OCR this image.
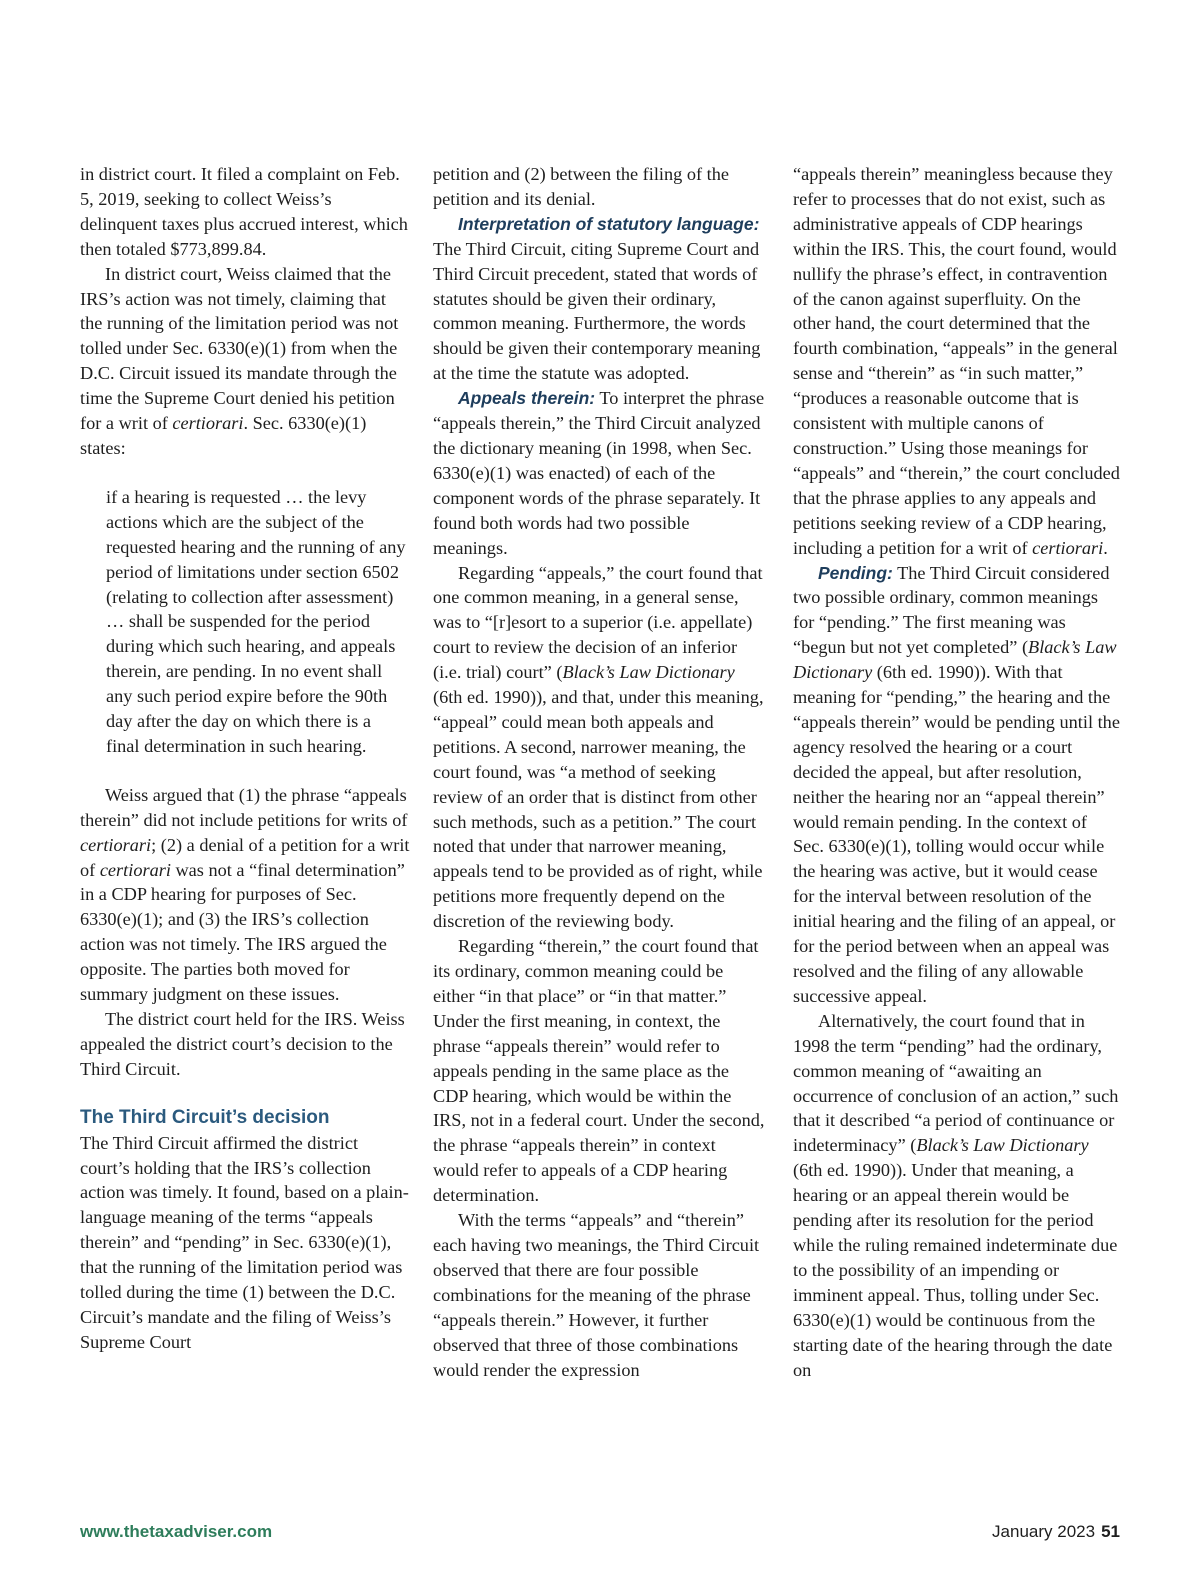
in district court. It filed a complaint on Feb. 5, 2019, seeking to collect Weiss’s delinquent taxes plus accrued interest, which then totaled $773,899.84.

In district court, Weiss claimed that the IRS’s action was not timely, claiming that the running of the limitation period was not tolled under Sec. 6330(e)(1) from when the D.C. Circuit issued its mandate through the time the Supreme Court denied his petition for a writ of certiorari. Sec. 6330(e)(1) states:

if a hearing is requested … the levy actions which are the subject of the requested hearing and the running of any period of limitations under section 6502 (relating to collection after assessment) … shall be suspended for the period during which such hearing, and appeals therein, are pending. In no event shall any such period expire before the 90th day after the day on which there is a final determination in such hearing.

Weiss argued that (1) the phrase “appeals therein” did not include petitions for writs of certiorari; (2) a denial of a petition for a writ of certiorari was not a “final determination” in a CDP hearing for purposes of Sec. 6330(e)(1); and (3) the IRS’s collection action was not timely. The IRS argued the opposite. The parties both moved for summary judgment on these issues.

The district court held for the IRS. Weiss appealed the district court’s decision to the Third Circuit.

The Third Circuit’s decision

The Third Circuit affirmed the district court’s holding that the IRS’s collection action was timely. It found, based on a plain-language meaning of the terms “appeals therein” and “pending” in Sec. 6330(e)(1), that the running of the limitation period was tolled during the time (1) between the D.C. Circuit’s mandate and the filing of Weiss’s Supreme Court

petition and (2) between the filing of the petition and its denial.

Interpretation of statutory language: The Third Circuit, citing Supreme Court and Third Circuit precedent, stated that words of statutes should be given their ordinary, common meaning. Furthermore, the words should be given their contemporary meaning at the time the statute was adopted.

Appeals therein: To interpret the phrase “appeals therein,” the Third Circuit analyzed the dictionary meaning (in 1998, when Sec. 6330(e)(1) was enacted) of each of the component words of the phrase separately. It found both words had two possible meanings.

Regarding “appeals,” the court found that one common meaning, in a general sense, was to “[r]esort to a superior (i.e. appellate) court to review the decision of an inferior (i.e. trial) court” (Black’s Law Dictionary (6th ed. 1990)), and that, under this meaning, “appeal” could mean both appeals and petitions. A second, narrower meaning, the court found, was “a method of seeking review of an order that is distinct from other such methods, such as a petition.” The court noted that under that narrower meaning, appeals tend to be provided as of right, while petitions more frequently depend on the discretion of the reviewing body.

Regarding “therein,” the court found that its ordinary, common meaning could be either “in that place” or “in that matter.” Under the first meaning, in context, the phrase “appeals therein” would refer to appeals pending in the same place as the CDP hearing, which would be within the IRS, not in a federal court. Under the second, the phrase “appeals therein” in context would refer to appeals of a CDP hearing determination.

With the terms “appeals” and “therein” each having two meanings, the Third Circuit observed that there are four possible combinations for the meaning of the phrase “appeals therein.” However, it further observed that three of those combinations would render the expression

“appeals therein” meaningless because they refer to processes that do not exist, such as administrative appeals of CDP hearings within the IRS. This, the court found, would nullify the phrase’s effect, in contravention of the canon against superfluity. On the other hand, the court determined that the fourth combination, “appeals” in the general sense and “therein” as “in such matter,” “produces a reasonable outcome that is consistent with multiple canons of construction.” Using those meanings for “appeals” and “therein,” the court concluded that the phrase applies to any appeals and petitions seeking review of a CDP hearing, including a petition for a writ of certiorari.

Pending: The Third Circuit considered two possible ordinary, common meanings for “pending.” The first meaning was “begun but not yet completed” (Black’s Law Dictionary (6th ed. 1990)). With that meaning for “pending,” the hearing and the “appeals therein” would be pending until the agency resolved the hearing or a court decided the appeal, but after resolution, neither the hearing nor an “appeal therein” would remain pending. In the context of Sec. 6330(e)(1), tolling would occur while the hearing was active, but it would cease for the interval between resolution of the initial hearing and the filing of an appeal, or for the period between when an appeal was resolved and the filing of any allowable successive appeal.

Alternatively, the court found that in 1998 the term “pending” had the ordinary, common meaning of “awaiting an occurrence of conclusion of an action,” such that it described “a period of continuance or indeterminacy” (Black’s Law Dictionary (6th ed. 1990)). Under that meaning, a hearing or an appeal therein would be pending after its resolution for the period while the ruling remained indeterminate due to the possibility of an impending or imminent appeal. Thus, tolling under Sec. 6330(e)(1) would be continuous from the starting date of the hearing through the date on

www.thetaxadviser.com	January 2023 51
